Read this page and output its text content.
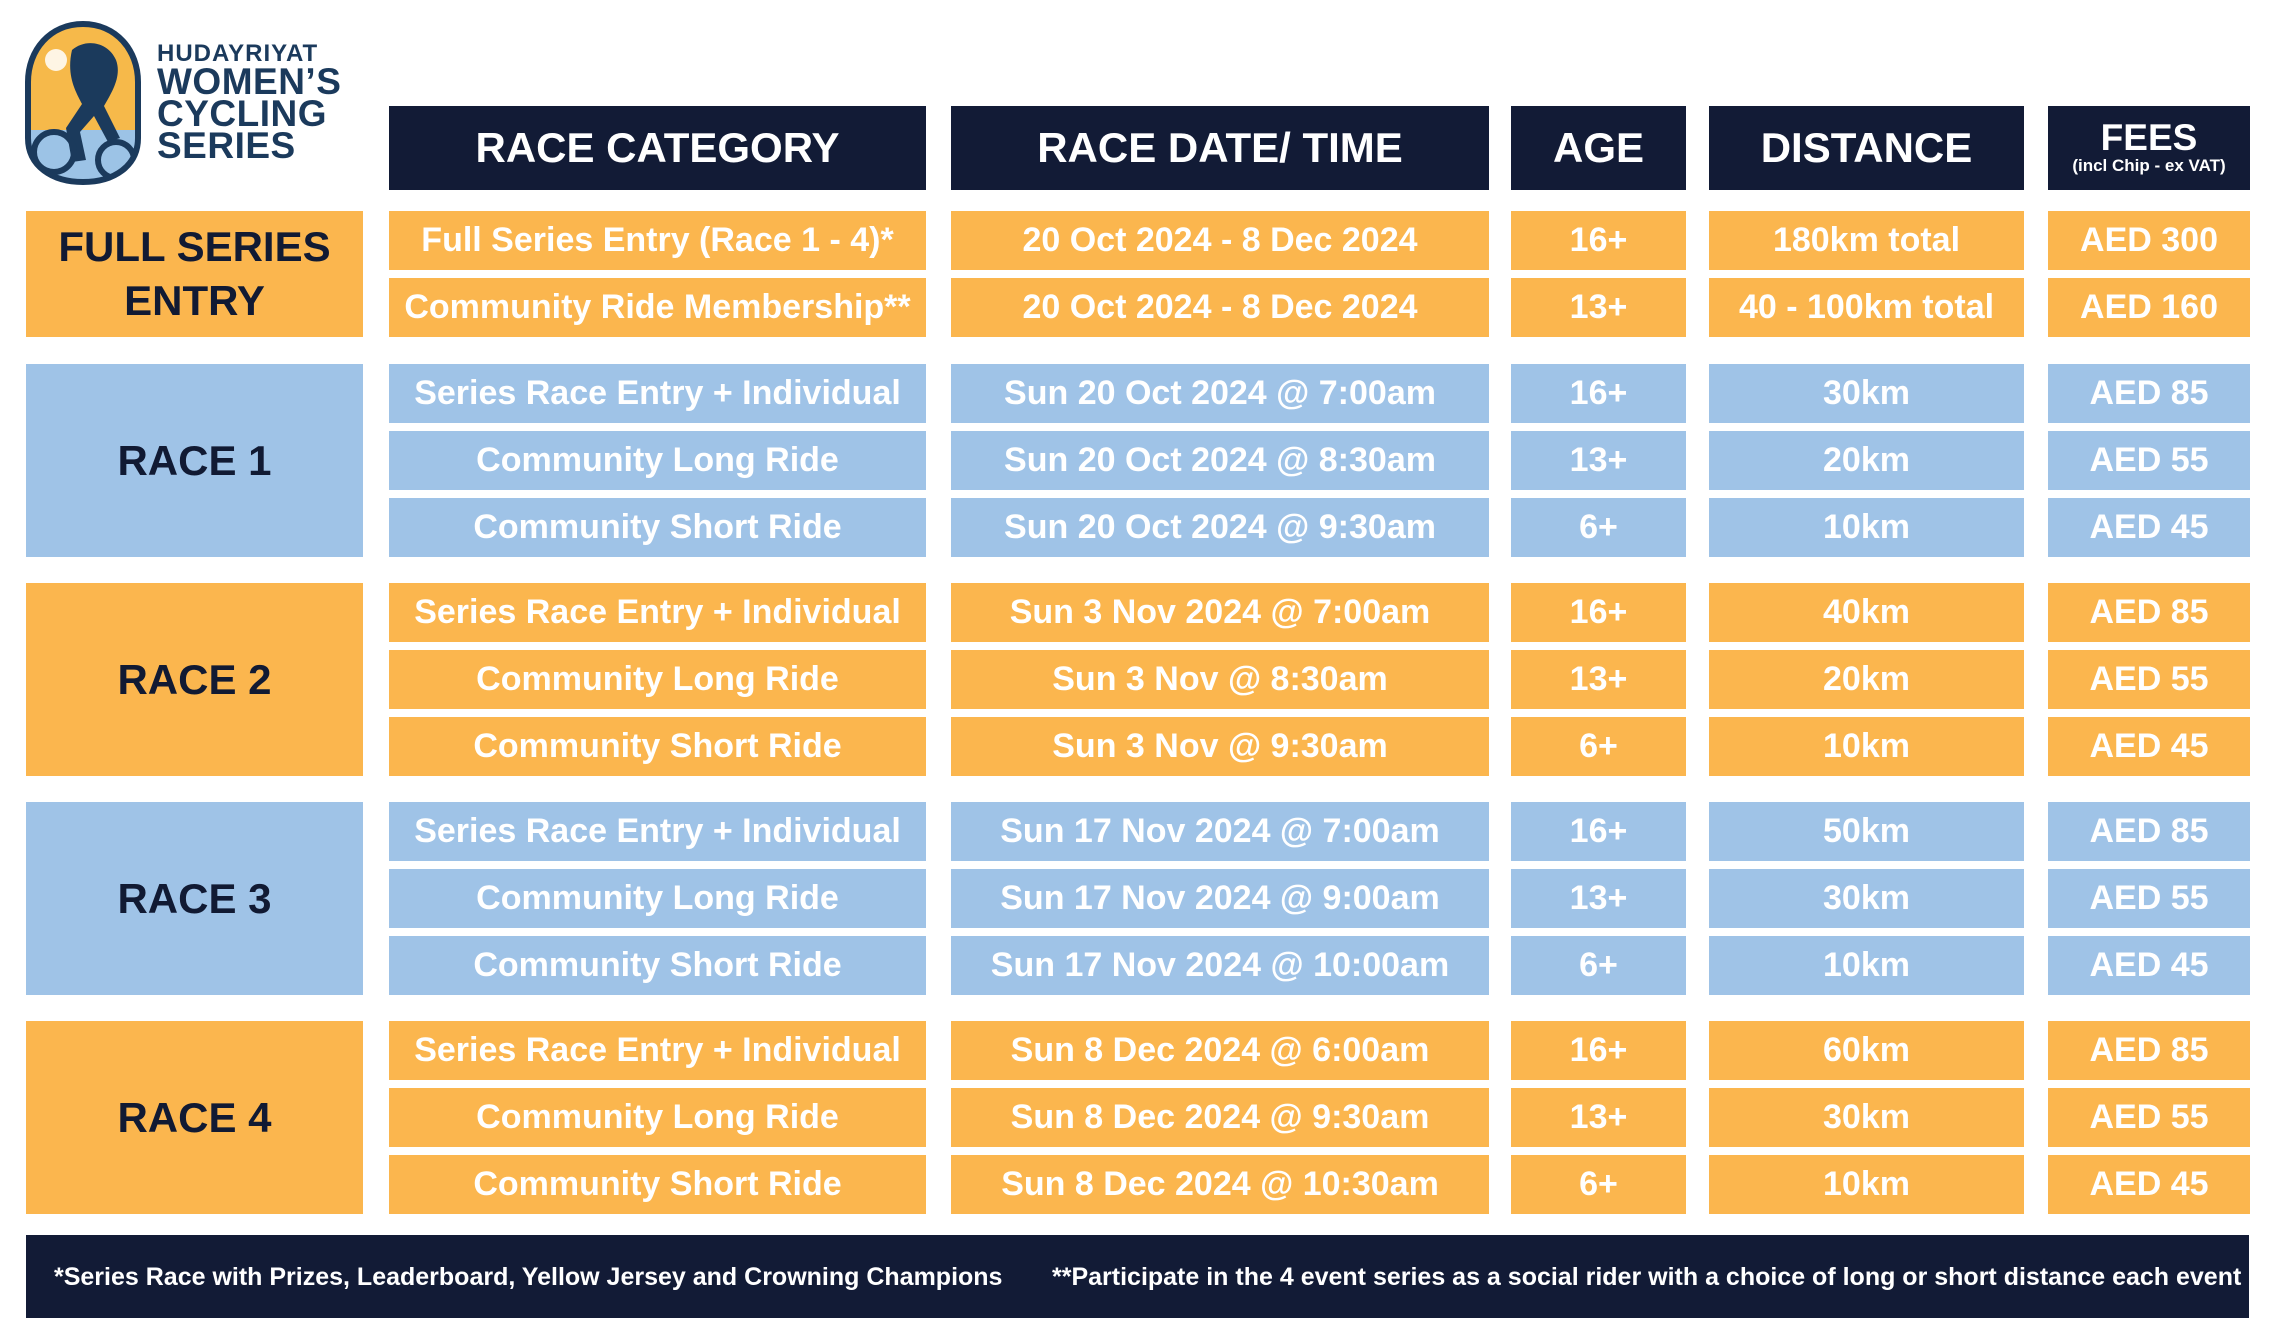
HUDAYRIYAT
WOMEN’S
CYCLING
SERIES	RACE CATEGORY	RACE DATE/ TIME	AGE	DISTANCE	FEES
(incl Chip - ex VAT)
FULL SERIES
ENTRY
Full Series Entry (Race 1 - 4)*	20 Oct 2024 - 8 Dec 2024	16+	180km total	AED 300
Community Ride Membership**	20 Oct 2024 - 8 Dec 2024	13+	40 - 100km total	AED 160
RACE 1
Series Race Entry + Individual	Sun 20 Oct 2024 @ 7:00am	16+	30km	AED 85
Community Long Ride	Sun 20 Oct 2024 @ 8:30am	13+	20km	AED 55
Community Short Ride	Sun 20 Oct 2024 @ 9:30am	6+	10km	AED 45
RACE 2
Series Race Entry + Individual	Sun 3 Nov 2024 @ 7:00am	16+	40km	AED 85
Community Long Ride	Sun 3 Nov @ 8:30am	13+	20km	AED 55
Community Short Ride	Sun 3 Nov @ 9:30am	6+	10km	AED 45
RACE 3
Series Race Entry + Individual	Sun 17 Nov 2024 @ 7:00am	16+	50km	AED 85
Community Long Ride	Sun 17 Nov 2024 @ 9:00am	13+	30km	AED 55
Community Short Ride	Sun 17 Nov 2024 @ 10:00am	6+	10km	AED 45
RACE 4
Series Race Entry + Individual	Sun 8 Dec 2024 @ 6:00am	16+	60km	AED 85
Community Long Ride	Sun 8 Dec 2024 @ 9:30am	13+	30km	AED 55
Community Short Ride	Sun 8 Dec 2024 @ 10:30am	6+	10km	AED 45
*Series Race with Prizes, Leaderboard, Yellow Jersey and Crowning Champions **Participate in the 4 event series as a social rider with a choice of long or short distance each event
